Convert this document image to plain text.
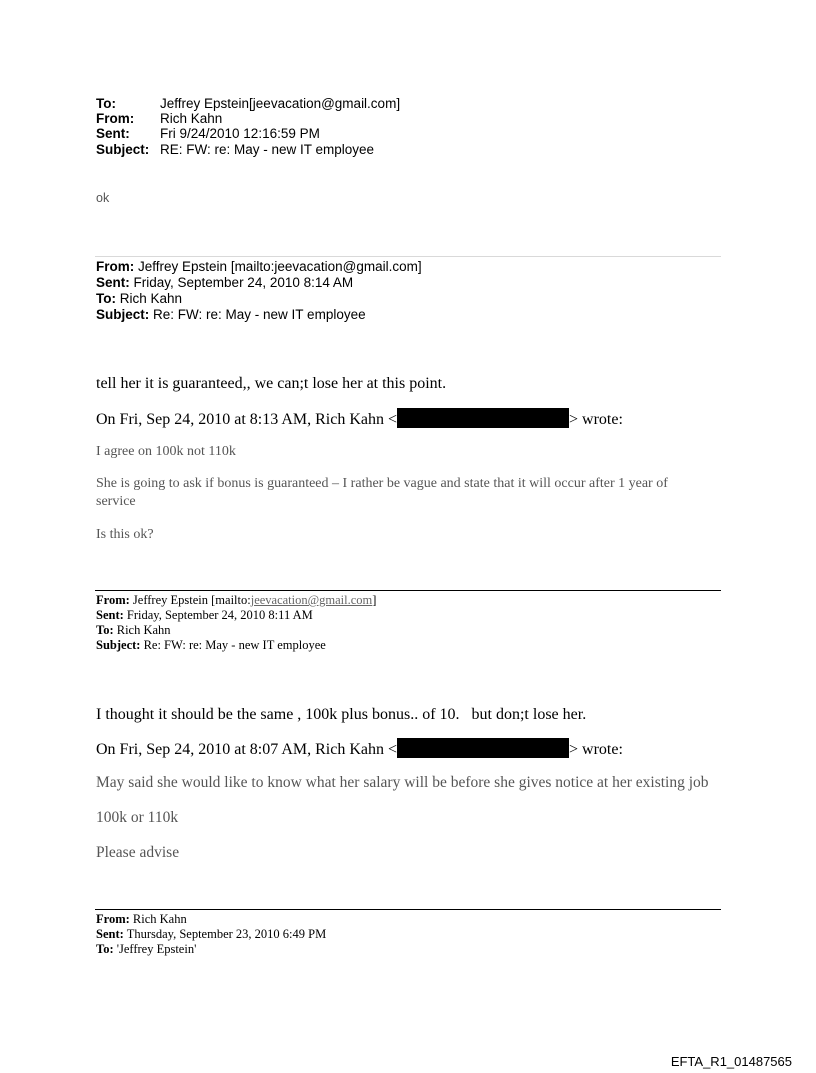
To:	Jeffrey Epstein[jeevacation@gmail.com]
From: Rich Kahn
Sent: Fri 9/24/2010 12:16:59 PM
Subject: RE: FW: re: May - new IT employee
ok
From: Jeffrey Epstein [mailto:jeevacation@gmail.com]
Sent: Friday, September 24, 2010 8:14 AM
To: Rich Kahn
Subject: Re: FW: re: May - new IT employee
tell her it is guaranteed,, we can;t lose her at this point.
On Fri, Sep 24, 2010 at 8:13 AM, Rich Kahn <	> wrote:
I agree on 100k not 110k
She is going to ask if bonus is guaranteed – I rather be vague and state that it will occur after 1 year of service
Is this ok?
From: Jeffrey Epstein [mailto:jeevacation@gmail.com]
Sent: Friday, September 24, 2010 8:11 AM
To: Rich Kahn
Subject: Re: FW: re: May - new IT employee
I thought it should be the same , 100k plus bonus.. of 10.   but don;t lose her.
On Fri, Sep 24, 2010 at 8:07 AM, Rich Kahn <	> wrote:
May said she would like to know what her salary will be before she gives notice at her existing job
100k or 110k
Please advise
From: Rich Kahn
Sent: Thursday, September 23, 2010 6:49 PM
To: 'Jeffrey Epstein'
EFTA_R1_01487565
